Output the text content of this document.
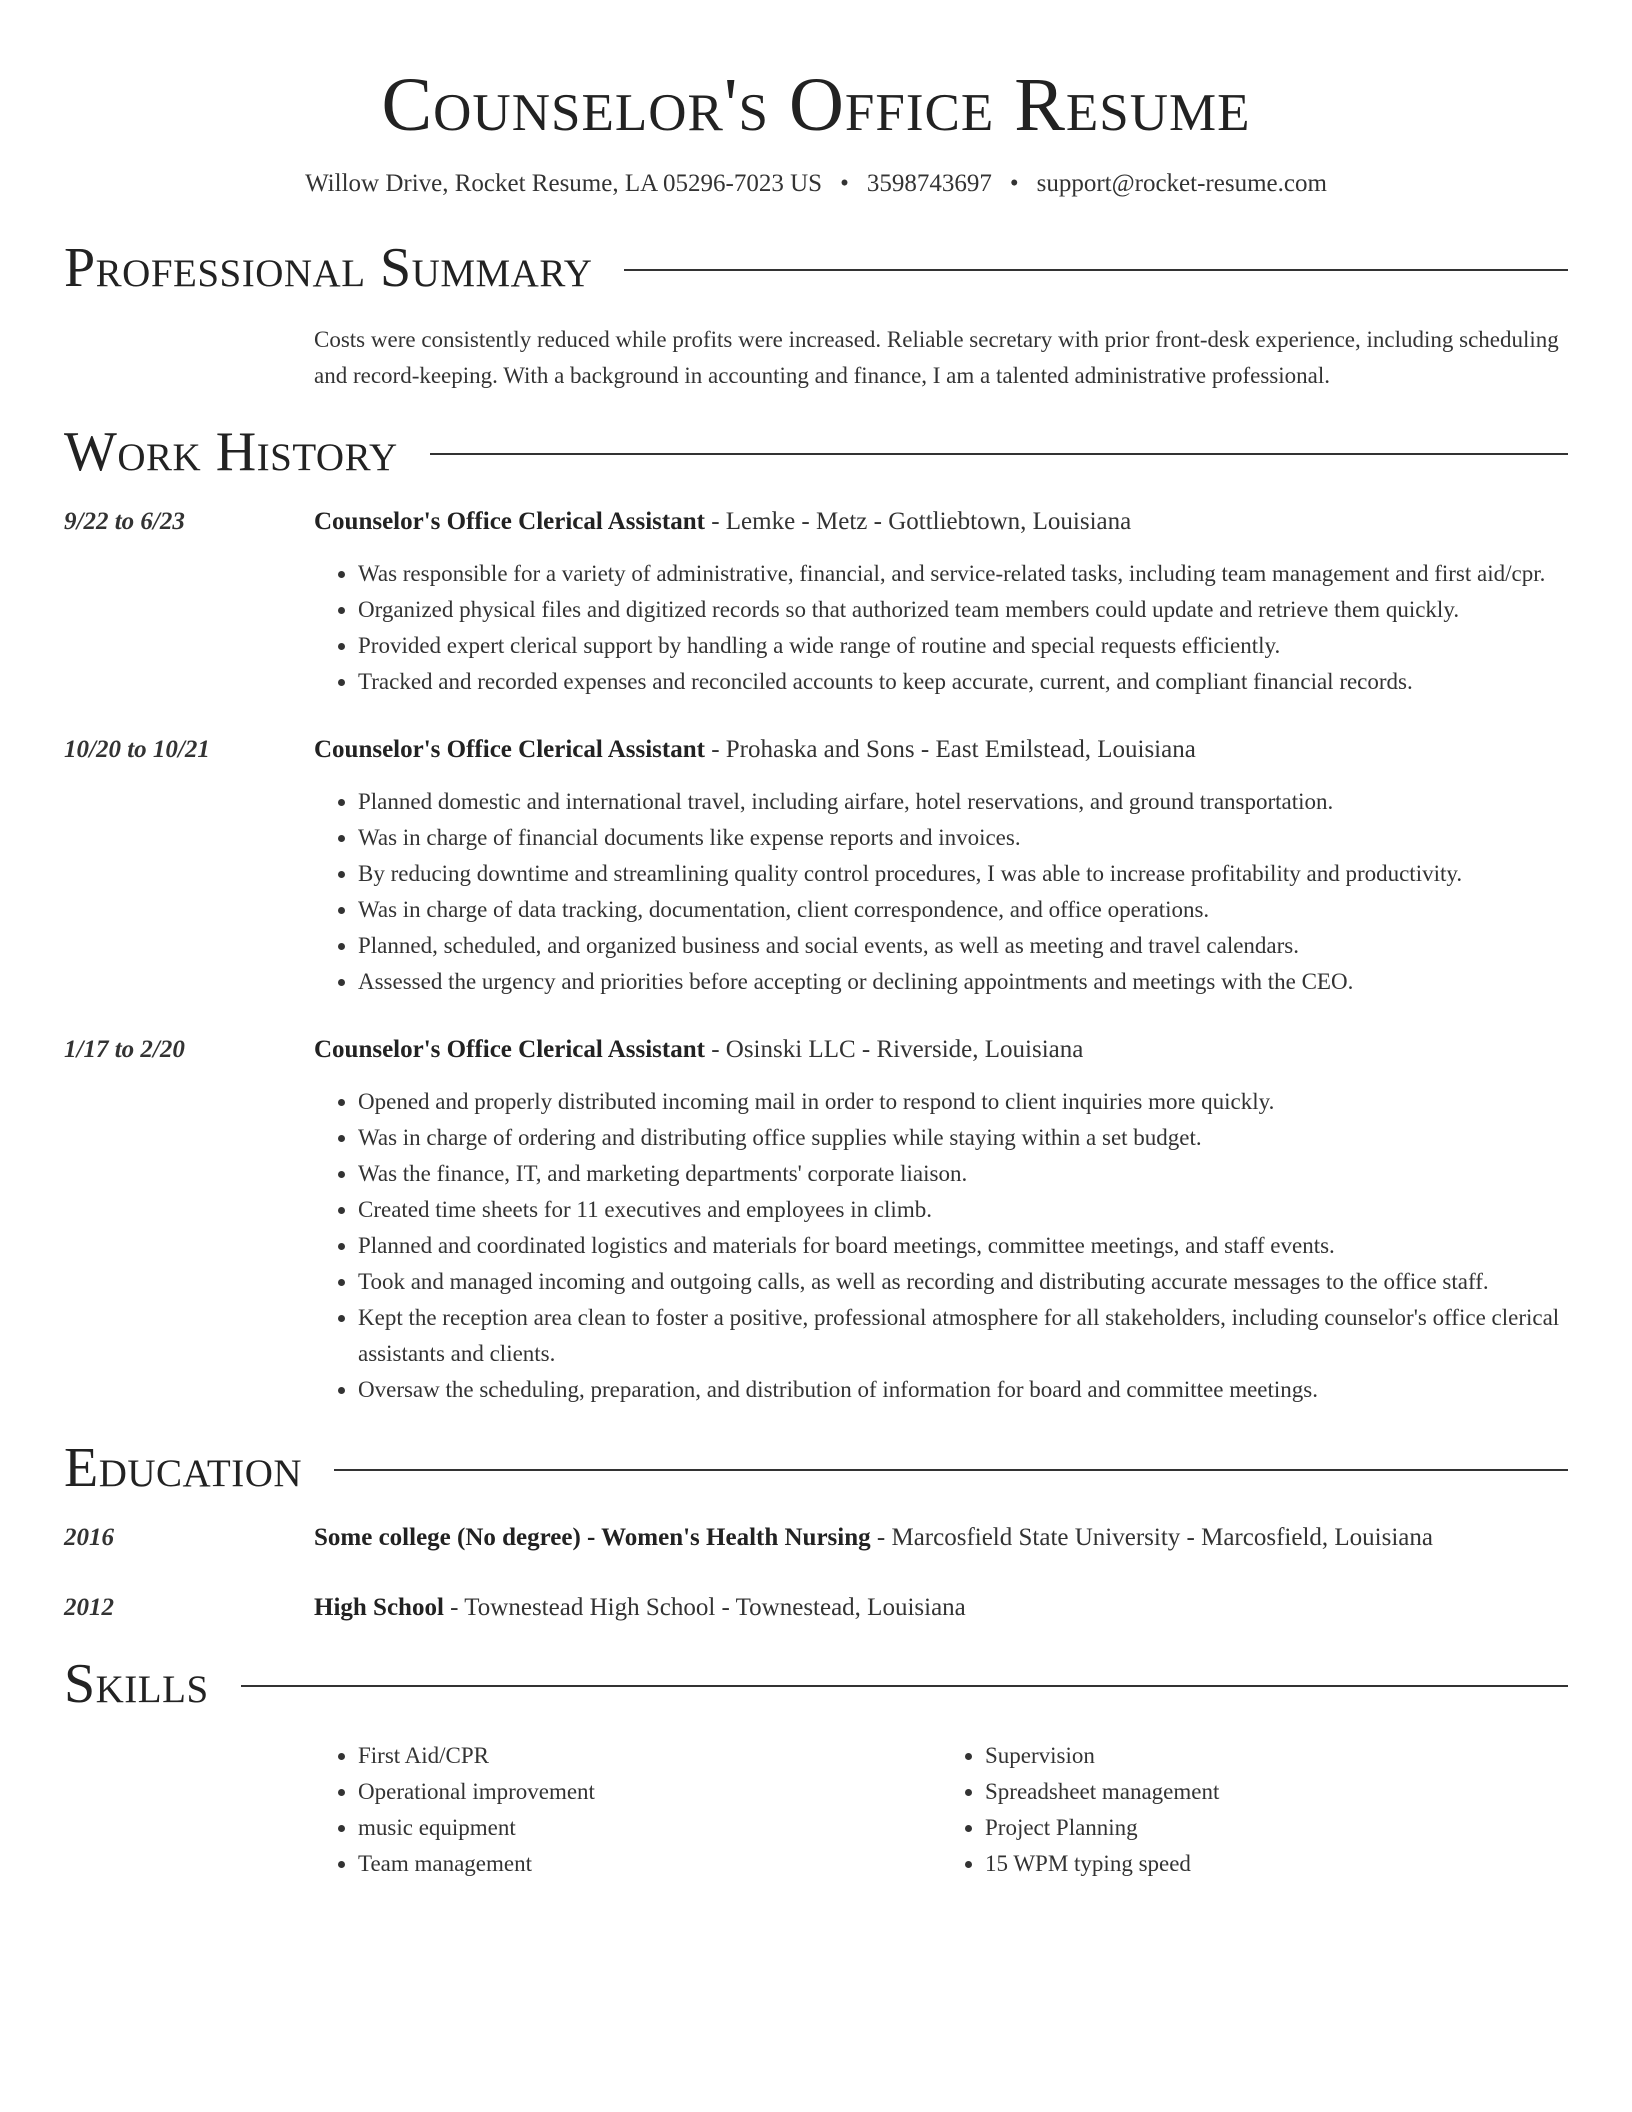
Counselor's Office Resume
Willow Drive, Rocket Resume, LA 05296-7023 US • 3598743697 • support@rocket-resume.com
Professional Summary
Costs were consistently reduced while profits were increased. Reliable secretary with prior front-desk experience, including scheduling and record-keeping. With a background in accounting and finance, I am a talented administrative professional.
Work History
9/22 to 6/23	Counselor's Office Clerical Assistant - Lemke - Metz - Gottliebtown, Louisiana
• Was responsible for a variety of administrative, financial, and service-related tasks, including team management and first aid/cpr.
• Organized physical files and digitized records so that authorized team members could update and retrieve them quickly.
• Provided expert clerical support by handling a wide range of routine and special requests efficiently.
• Tracked and recorded expenses and reconciled accounts to keep accurate, current, and compliant financial records.
10/20 to 10/21	Counselor's Office Clerical Assistant - Prohaska and Sons - East Emilstead, Louisiana
• Planned domestic and international travel, including airfare, hotel reservations, and ground transportation.
• Was in charge of financial documents like expense reports and invoices.
• By reducing downtime and streamlining quality control procedures, I was able to increase profitability and productivity.
• Was in charge of data tracking, documentation, client correspondence, and office operations.
• Planned, scheduled, and organized business and social events, as well as meeting and travel calendars.
• Assessed the urgency and priorities before accepting or declining appointments and meetings with the CEO.
1/17 to 2/20	Counselor's Office Clerical Assistant - Osinski LLC - Riverside, Louisiana
• Opened and properly distributed incoming mail in order to respond to client inquiries more quickly.
• Was in charge of ordering and distributing office supplies while staying within a set budget.
• Was the finance, IT, and marketing departments' corporate liaison.
• Created time sheets for 11 executives and employees in climb.
• Planned and coordinated logistics and materials for board meetings, committee meetings, and staff events.
• Took and managed incoming and outgoing calls, as well as recording and distributing accurate messages to the office staff.
• Kept the reception area clean to foster a positive, professional atmosphere for all stakeholders, including counselor's office clerical assistants and clients.
• Oversaw the scheduling, preparation, and distribution of information for board and committee meetings.
Education
2016	Some college (No degree) - Women's Health Nursing - Marcosfield State University - Marcosfield, Louisiana
2012	High School - Townestead High School - Townestead, Louisiana
Skills
• First Aid/CPR
• Operational improvement
• music equipment
• Team management
• Supervision
• Spreadsheet management
• Project Planning
• 15 WPM typing speed
